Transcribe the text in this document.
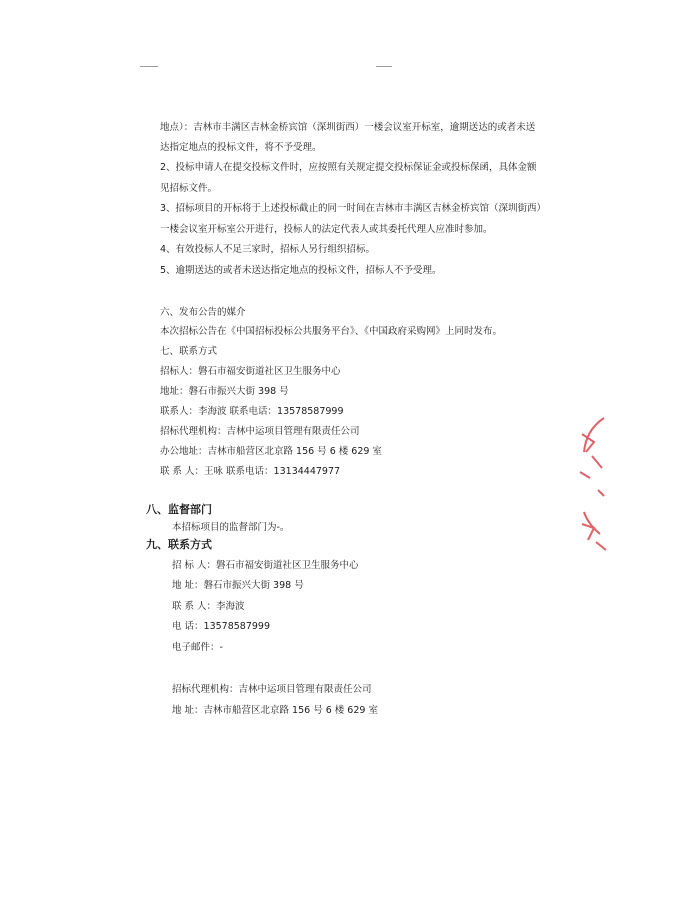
地点）：吉林市丰满区吉林金桥宾馆（深圳街西）一楼会议室开标室，逾期送达的或者未送
达指定地点的投标文件，将不予受理。
2、投标申请人在提交投标文件时，应按照有关规定提交投标保证金或投标保函，具体金额
见招标文件。
3、招标项目的开标将于上述投标截止的同一时间在吉林市丰满区吉林金桥宾馆（深圳街西）
一楼会议室开标室公开进行，投标人的法定代表人或其委托代理人应准时参加。
4、有效投标人不足三家时，招标人另行组织招标。
5、逾期送达的或者未送达指定地点的投标文件，招标人不予受理。
六、发布公告的媒介
本次招标公告在《中国招标投标公共服务平台》、《中国政府采购网》上同时发布。
七、联系方式
招标人：磐石市福安街道社区卫生服务中心
地址：磐石市振兴大街 398 号
联系人：李海波 联系电话：13578587999
招标代理机构：吉林中运项目管理有限责任公司
办公地址：吉林市船营区北京路 156 号 6 楼 629 室
联 系 人：王咏 联系电话：13134447977
八、监督部门
本招标项目的监督部门为-。
九、联系方式
招 标 人：磐石市福安街道社区卫生服务中心
地 址：磐石市振兴大街 398 号
联 系 人：李海波
电 话：13578587999
电子邮件：-
招标代理机构：吉林中运项目管理有限责任公司
地 址：吉林市船营区北京路 156 号 6 楼 629 室
